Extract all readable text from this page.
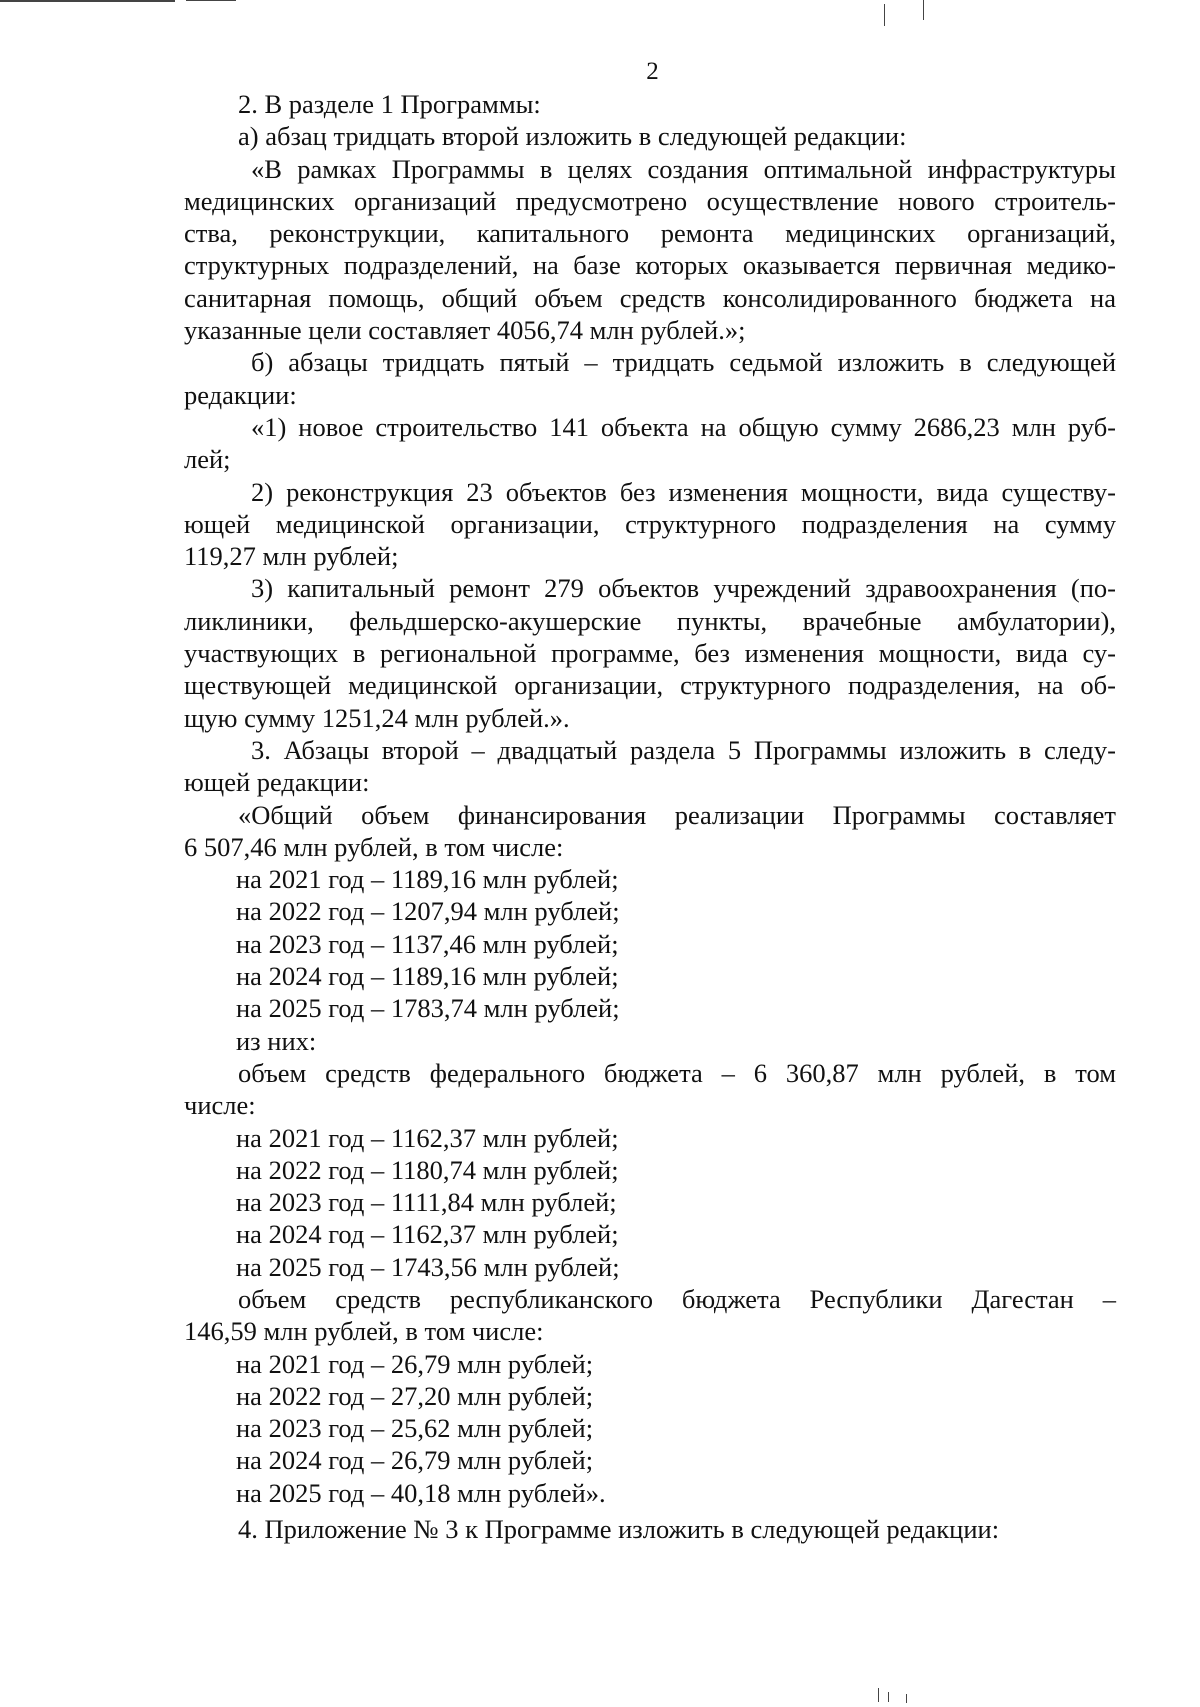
2

2. В разделе 1 Программы:

а) абзац тридцать второй изложить в следующей редакции:

«В рамках Программы в целях создания оптимальной инфраструктуры

медицинских организаций предусмотрено осуществление нового строитель-

ства, реконструкции, капитального ремонта медицинских организаций,

структурных подразделений, на базе которых оказывается первичная медико-

санитарная помощь, общий объем средств консолидированного бюджета на

указанные цели составляет 4056,74 млн рублей.»;

б) абзацы тридцать пятый – тридцать седьмой изложить в следующей

редакции:

«1) новое строительство 141 объекта на общую сумму 2686,23 млн руб-

лей;

2) реконструкция 23 объектов без изменения мощности, вида существу-

ющей медицинской организации, структурного подразделения на сумму

119,27 млн рублей;

3) капитальный ремонт 279 объектов учреждений здравоохранения (по-

ликлиники, фельдшерско-акушерские пункты, врачебные амбулатории),

участвующих в региональной программе, без изменения мощности, вида су-

ществующей медицинской организации, структурного подразделения, на об-

щую сумму 1251,24 млн рублей.».

3. Абзацы второй – двадцатый раздела 5 Программы изложить в следу-

ющей редакции:

«Общий объем финансирования реализации Программы составляет

6 507,46 млн рублей, в том числе:

на 2021 год – 1189,16 млн рублей;

на 2022 год – 1207,94 млн рублей;

на 2023 год – 1137,46 млн рублей;

на 2024 год – 1189,16 млн рублей;

на 2025 год – 1783,74 млн рублей;

из них:

объем средств федерального бюджета – 6 360,87 млн рублей, в том

числе:

на 2021 год – 1162,37 млн рублей;

на 2022 год – 1180,74 млн рублей;

на 2023 год – 1111,84 млн рублей;

на 2024 год – 1162,37 млн рублей;

на 2025 год – 1743,56 млн рублей;

объем средств республиканского бюджета Республики Дагестан –

146,59 млн рублей, в том числе:

на 2021 год – 26,79 млн рублей;

на 2022 год – 27,20 млн рублей;

на 2023 год – 25,62 млн рублей;

на 2024 год – 26,79 млн рублей;

на 2025 год – 40,18 млн рублей».

4. Приложение № 3 к Программе изложить в следующей редакции:
